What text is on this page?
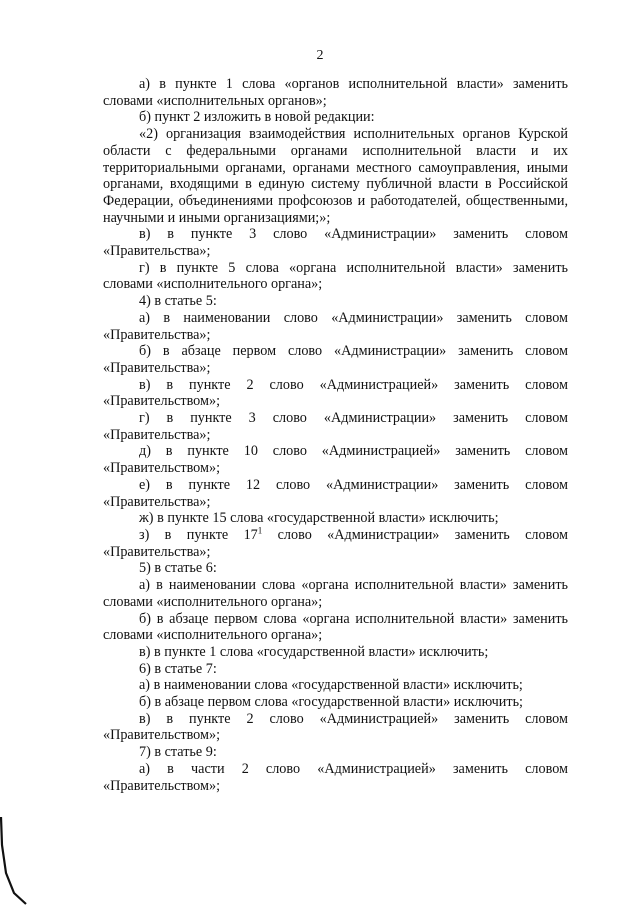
2

а) в пункте 1 слова «органов исполнительной власти» заменить словами «исполнительных органов»;

б) пункт 2 изложить в новой редакции:

«2) организация взаимодействия исполнительных органов Курской области с федеральными органами исполнительной власти и их территориальными органами, органами местного самоуправления, иными органами, входящими в единую систему публичной власти в Российской Федерации, объединениями профсоюзов и работодателей, общественными, научными и иными организациями;»;

в) в пункте 3 слово «Администрации» заменить словом «Правительства»;

г) в пункте 5 слова «органа исполнительной власти» заменить словами «исполнительного органа»;

4) в статье 5:

а) в наименовании слово «Администрации» заменить словом «Правительства»;

б) в абзаце первом слово «Администрации» заменить словом «Правительства»;

в) в пункте 2 слово «Администрацией» заменить словом «Правительством»;

г) в пункте 3 слово «Администрации» заменить словом «Правительства»;

д) в пункте 10 слово «Администрацией» заменить словом «Правительством»;

е) в пункте 12 слово «Администрации» заменить словом «Правительства»;

ж) в пункте 15 слова «государственной власти» исключить;

з) в пункте $17^1$ слово «Администрации» заменить словом «Правительства»;

5) в статье 6:

а) в наименовании слова «органа исполнительной власти» заменить словами «исполнительного органа»;

б) в абзаце первом слова «органа исполнительной власти» заменить словами «исполнительного органа»;

в) в пункте 1 слова «государственной власти» исключить;

6) в статье 7:

а) в наименовании слова «государственной власти» исключить;

б) в абзаце первом слова «государственной власти» исключить;

в) в пункте 2 слово «Администрацией» заменить словом «Правительством»;

7) в статье 9:

а) в части 2 слово «Администрацией» заменить словом «Правительством»;
